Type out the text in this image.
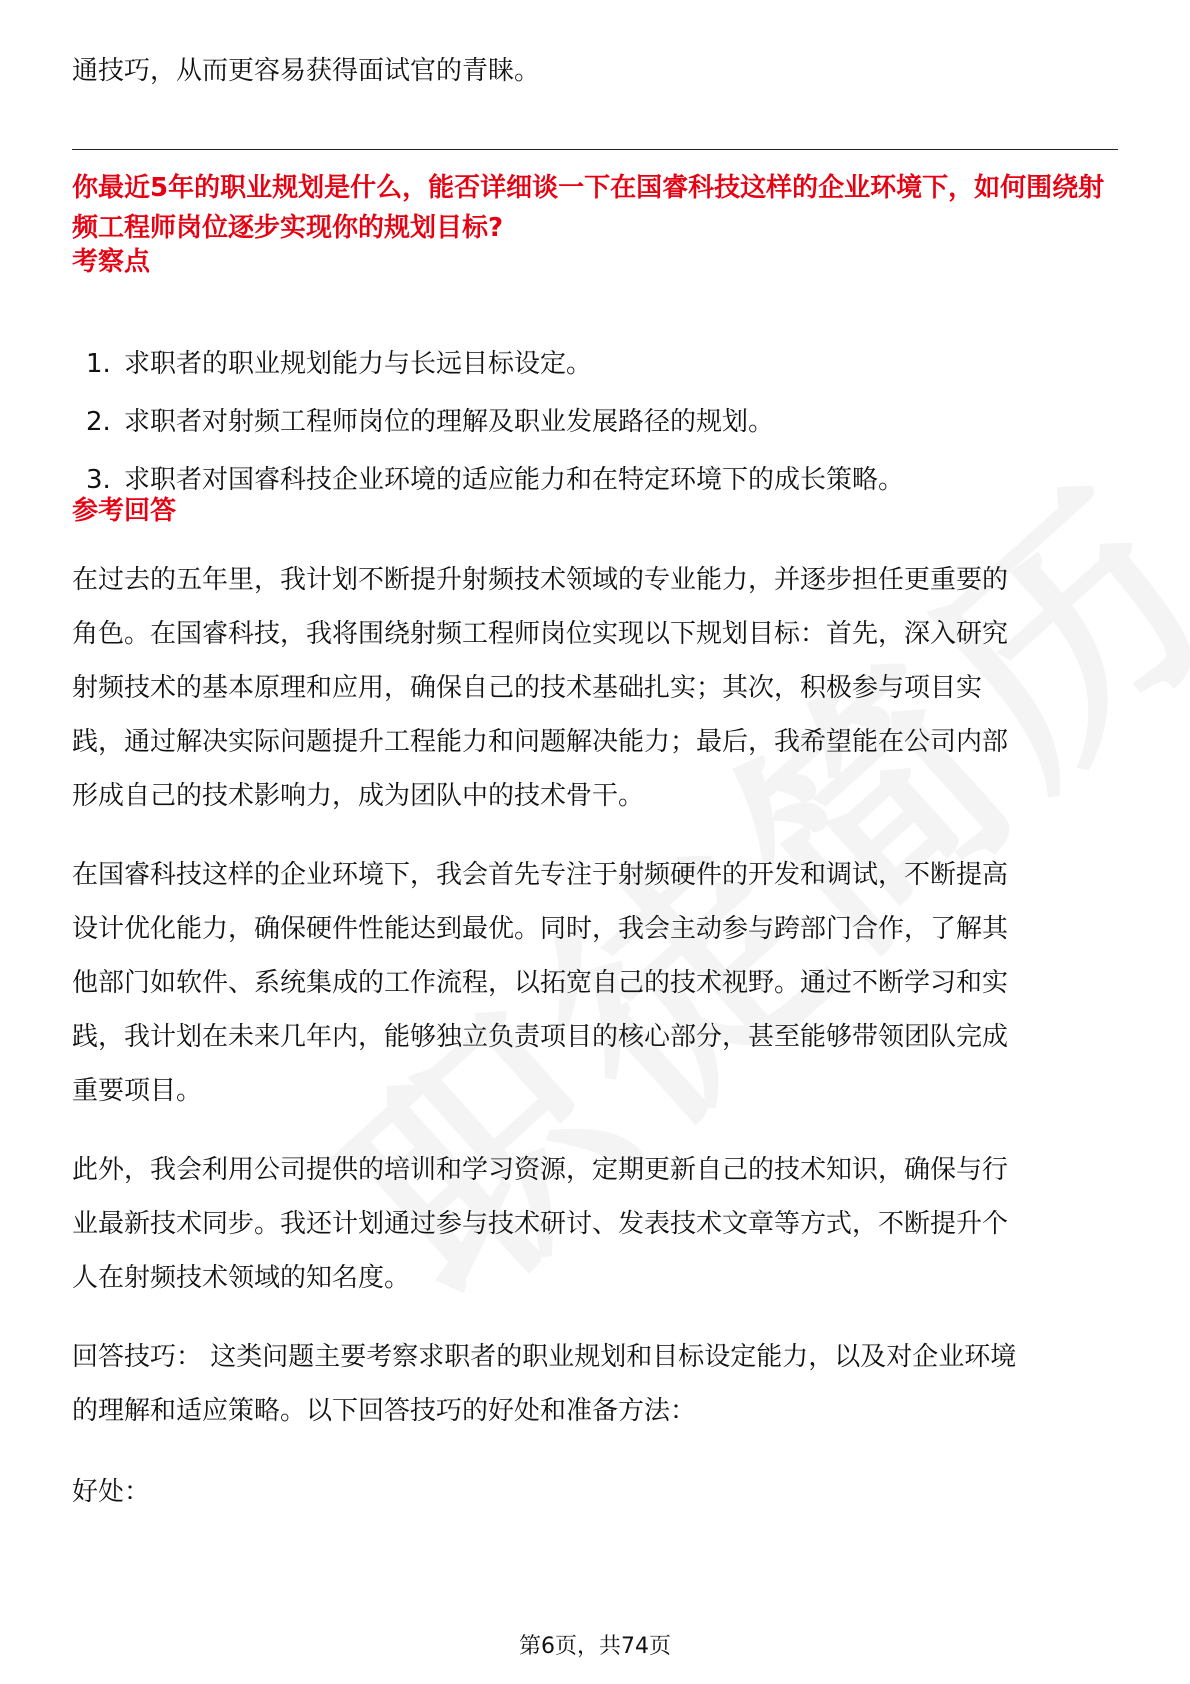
通技巧，从而更容易获得面试官的青睐。

你最近5年的职业规划是什么，能否详细谈一下在国睿科技这样的企业环境下，如何围绕射频工程师岗位逐步实现你的规划目标?

考察点

1. 求职者的职业规划能力与长远目标设定。
2. 求职者对射频工程师岗位的理解及职业发展路径的规划。
3. 求职者对国睿科技企业环境的适应能力和在特定环境下的成长策略。

参考回答

在过去的五年里，我计划不断提升射频技术领域的专业能力，并逐步担任更重要的

角色。在国睿科技，我将围绕射频工程师岗位实现以下规划目标：首先，深入研究

射频技术的基本原理和应用，确保自己的技术基础扎实；其次，积极参与项目实

践，通过解决实际问题提升工程能力和问题解决能力；最后，我希望能在公司内部

形成自己的技术影响力，成为团队中的技术骨干。

在国睿科技这样的企业环境下，我会首先专注于射频硬件的开发和调试，不断提高

设计优化能力，确保硬件性能达到最优。同时，我会主动参与跨部门合作，了解其

他部门如软件、系统集成的工作流程，以拓宽自己的技术视野。通过不断学习和实

践，我计划在未来几年内，能够独立负责项目的核心部分，甚至能够带领团队完成

重要项目。

此外，我会利用公司提供的培训和学习资源，定期更新自己的技术知识，确保与行

业最新技术同步。我还计划通过参与技术研讨、发表技术文章等方式，不断提升个

人在射频技术领域的知名度。

回答技巧： 这类问题主要考察求职者的职业规划和目标设定能力，以及对企业环境

的理解和适应策略。以下回答技巧的好处和准备方法：

好处：

第6页，共74页
